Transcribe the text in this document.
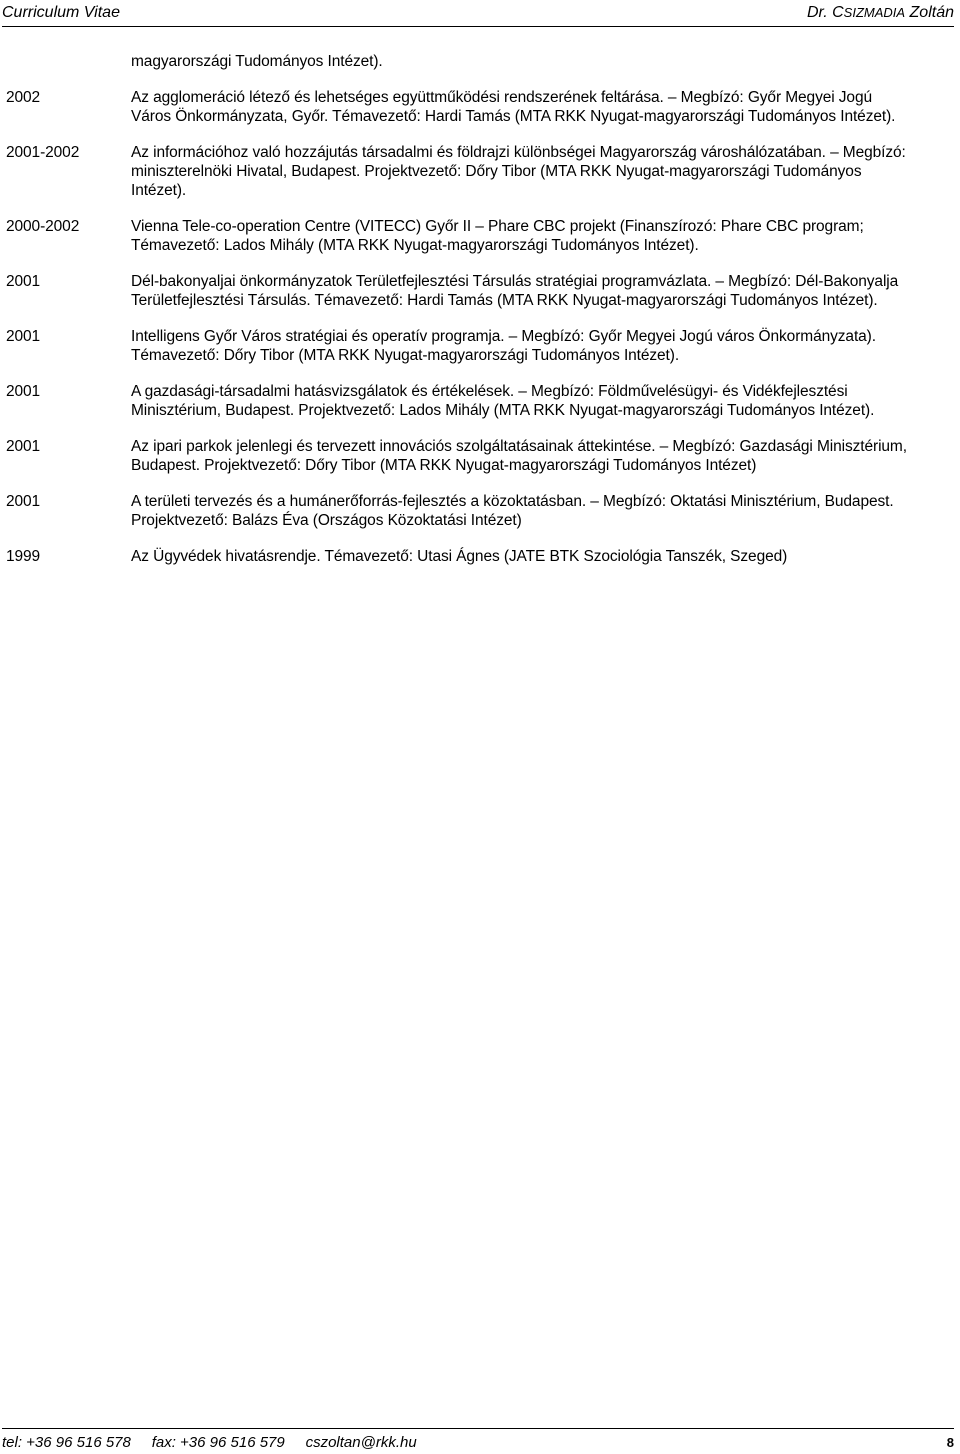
Curriculum Vitae	Dr. CSIZMADIA Zoltán
magyarországi Tudományos Intézet).
2002	Az agglomeráció létező és lehetséges együttműködési rendszerének feltárása. – Megbízó: Győr Megyei Jogú Város Önkormányzata, Győr. Témavezető: Hardi Tamás (MTA RKK Nyugat-magyarországi Tudományos Intézet).
2001-2002	Az információhoz való hozzájutás társadalmi és földrajzi különbségei Magyarország városhálózatában. – Megbízó: miniszterelnöki Hivatal, Budapest. Projektvezető: Dőry Tibor (MTA RKK Nyugat-magyarországi Tudományos Intézet).
2000-2002	Vienna Tele-co-operation Centre (VITECC) Győr II – Phare CBC projekt (Finanszírozó: Phare CBC program; Témavezető: Lados Mihály (MTA RKK Nyugat-magyarországi Tudományos Intézet).
2001	Dél-bakonyaljai önkormányzatok Területfejlesztési Társulás stratégiai programvázlata. – Megbízó: Dél-Bakonyalja Területfejlesztési Társulás. Témavezető: Hardi Tamás (MTA RKK Nyugat-magyarországi Tudományos Intézet).
2001	Intelligens Győr Város stratégiai és operatív programja. – Megbízó: Győr Megyei Jogú város Önkormányzata). Témavezető: Dőry Tibor (MTA RKK Nyugat-magyarországi Tudományos Intézet).
2001	A gazdasági-társadalmi hatásvizsgálatok és értékelések. – Megbízó: Földművelésügyi- és Vidékfejlesztési Minisztérium, Budapest. Projektvezető: Lados Mihály (MTA RKK Nyugat-magyarországi Tudományos Intézet).
2001	Az ipari parkok jelenlegi és tervezett innovációs szolgáltatásainak áttekintése. – Megbízó: Gazdasági Minisztérium, Budapest. Projektvezető: Dőry Tibor (MTA RKK Nyugat-magyarországi Tudományos Intézet)
2001	A területi tervezés és a humánerőforrás-fejlesztés a közoktatásban. – Megbízó: Oktatási Minisztérium, Budapest. Projektvezető: Balázs Éva (Országos Közoktatási Intézet)
1999	Az Ügyvédek hivatásrendje. Témavezető: Utasi Ágnes (JATE BTK Szociológia Tanszék, Szeged)
tel: +36 96 516 578     fax: +36 96 516 579     cszoltan@rkk.hu	8
